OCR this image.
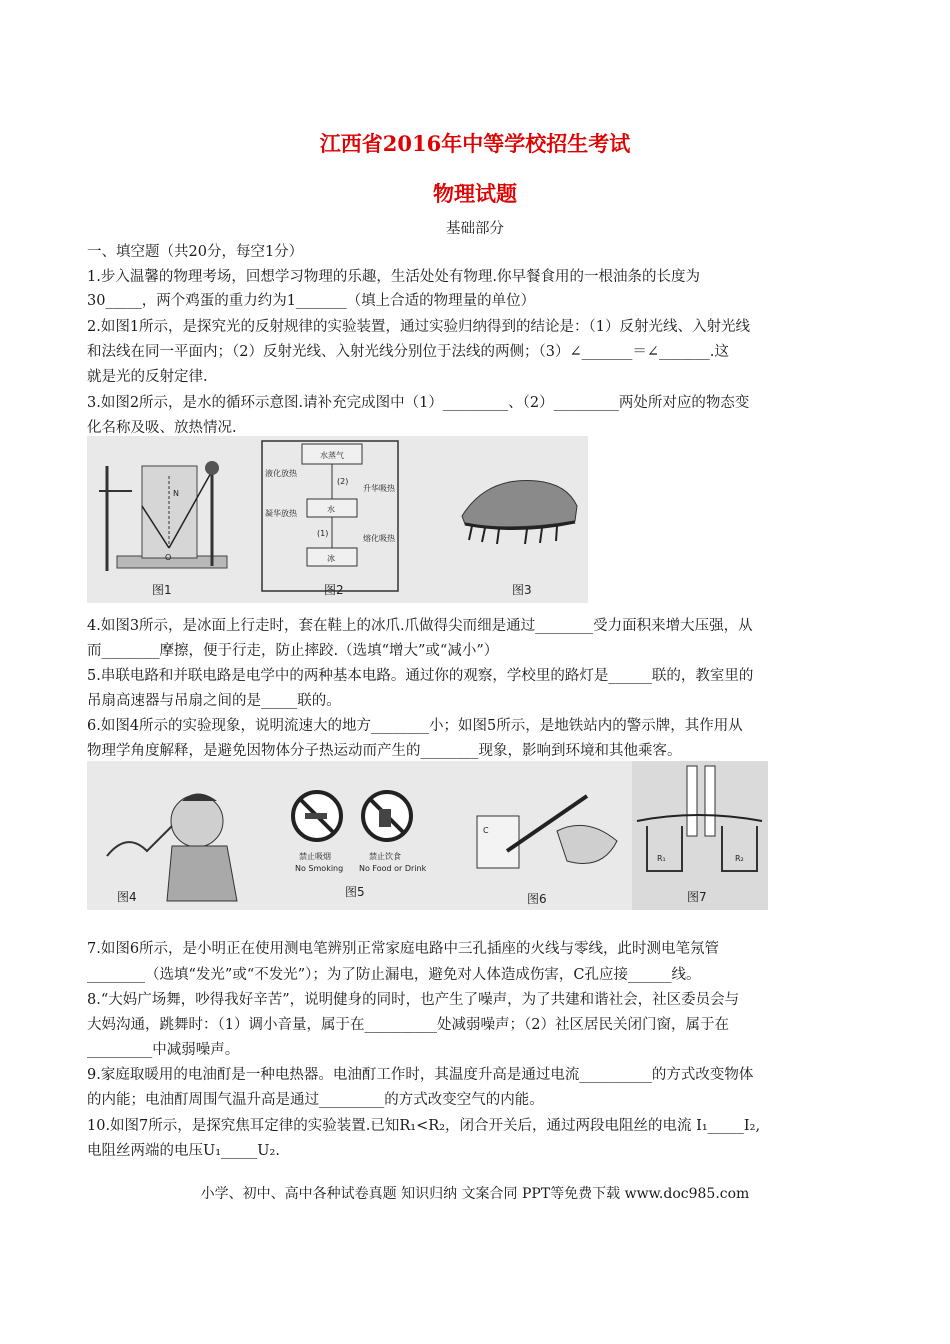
江西省2016年中等学校招生考试
物理试题
基础部分
一、填空题（共20分，每空1分）
1.步入温馨的物理考场，回想学习物理的乐趣，生活处处有物理.你早餐食用的一根油条的长度为
30_____，两个鸡蛋的重力约为1_______（填上合适的物理量的单位）
2.如图1所示，是探究光的反射规律的实验装置，通过实验归纳得到的结论是：（1）反射光线、入射光线
和法线在同一平面内；（2）反射光线、入射光线分别位于法线的两侧；（3）∠_______＝∠_______.这
就是光的反射定律.
3.如图2所示，是水的循环示意图.请补充完成图中（1）_________、（2）_________两处所对应的物态变
化名称及吸、放热情况.
N
O
图1
水蒸气
水
冰
(2)
(1)
液化放热
凝华放热
升华吸热
熔化吸热
图2	图3
4.如图3所示，是冰面上行走时，套在鞋上的冰爪.爪做得尖而细是通过________受力面积来增大压强，从
而________摩擦，便于行走，防止摔跤.（选填“增大”或“减小”）
5.串联电路和并联电路是电学中的两种基本电路。通过你的观察，学校里的路灯是______联的，教室里的
吊扇高速器与吊扇之间的是_____联的。
6.如图4所示的实验现象，说明流速大的地方________小；如图5所示，是地铁站内的警示牌，其作用从
物理学角度解释，是避免因物体分子热运动而产生的________现象，影响到环境和其他乘客。
图4
禁止吸烟
No Smoking
禁止饮食
No Food or Drink
图5
C
图6
R₁	R₂
图7
7.如图6所示，是小明正在使用测电笔辨别正常家庭电路中三孔插座的火线与零线，此时测电笔氖管
________（选填“发光”或“不发光”）；为了防止漏电，避免对人体造成伤害，C孔应接______线。
8.“大妈广场舞，吵得我好辛苦”，说明健身的同时，也产生了噪声，为了共建和谐社会，社区委员会与
大妈沟通，跳舞时：（1）调小音量，属于在__________处减弱噪声；（2）社区居民关闭门窗，属于在
_________中减弱噪声。
9.家庭取暖用的电油酊是一种电热器。电油酊工作时，其温度升高是通过电流__________的方式改变物体
的内能；电油酊周围气温升高是通过_________的方式改变空气的内能。
10.如图7所示，是探究焦耳定律的实验装置.已知R₁<R₂，闭合开关后，通过两段电阻丝的电流 I₁_____I₂,
电阻丝两端的电压U₁_____U₂.
小学、初中、高中各种试卷真题 知识归纳 文案合同 PPT等免费下载 www.doc985.com
